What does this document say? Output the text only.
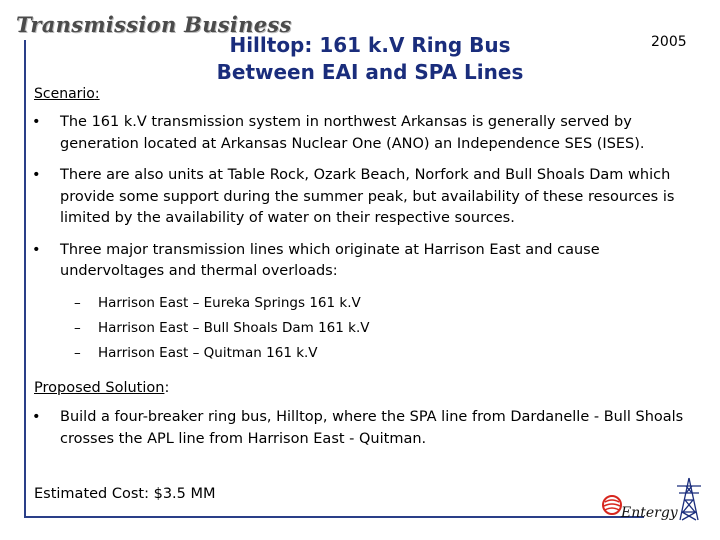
Transmission Business
Hilltop: 161 k.V Ring Bus
Between EAI and SPA Lines
2005
Scenario:
• The 161 k.V transmission system in northwest Arkansas is generally served by generation located at Arkansas Nuclear One (ANO) an Independence SES (ISES).
• There are also units at Table Rock, Ozark Beach, Norfork and Bull Shoals Dam which provide some support during the summer peak, but availability of these resources is limited by the availability of water on their respective sources.
• Three major transmission lines which originate at Harrison East and cause undervoltages and thermal overloads:
– Harrison East – Eureka Springs 161 k.V
– Harrison East – Bull Shoals Dam 161 k.V
– Harrison East – Quitman 161 k.V
Proposed Solution:
• Build a four-breaker ring bus, Hilltop, where the SPA line from Dardanelle - Bull Shoals crosses the APL line from Harrison East - Quitman.
Estimated Cost: $3.5 MM
Entergy
